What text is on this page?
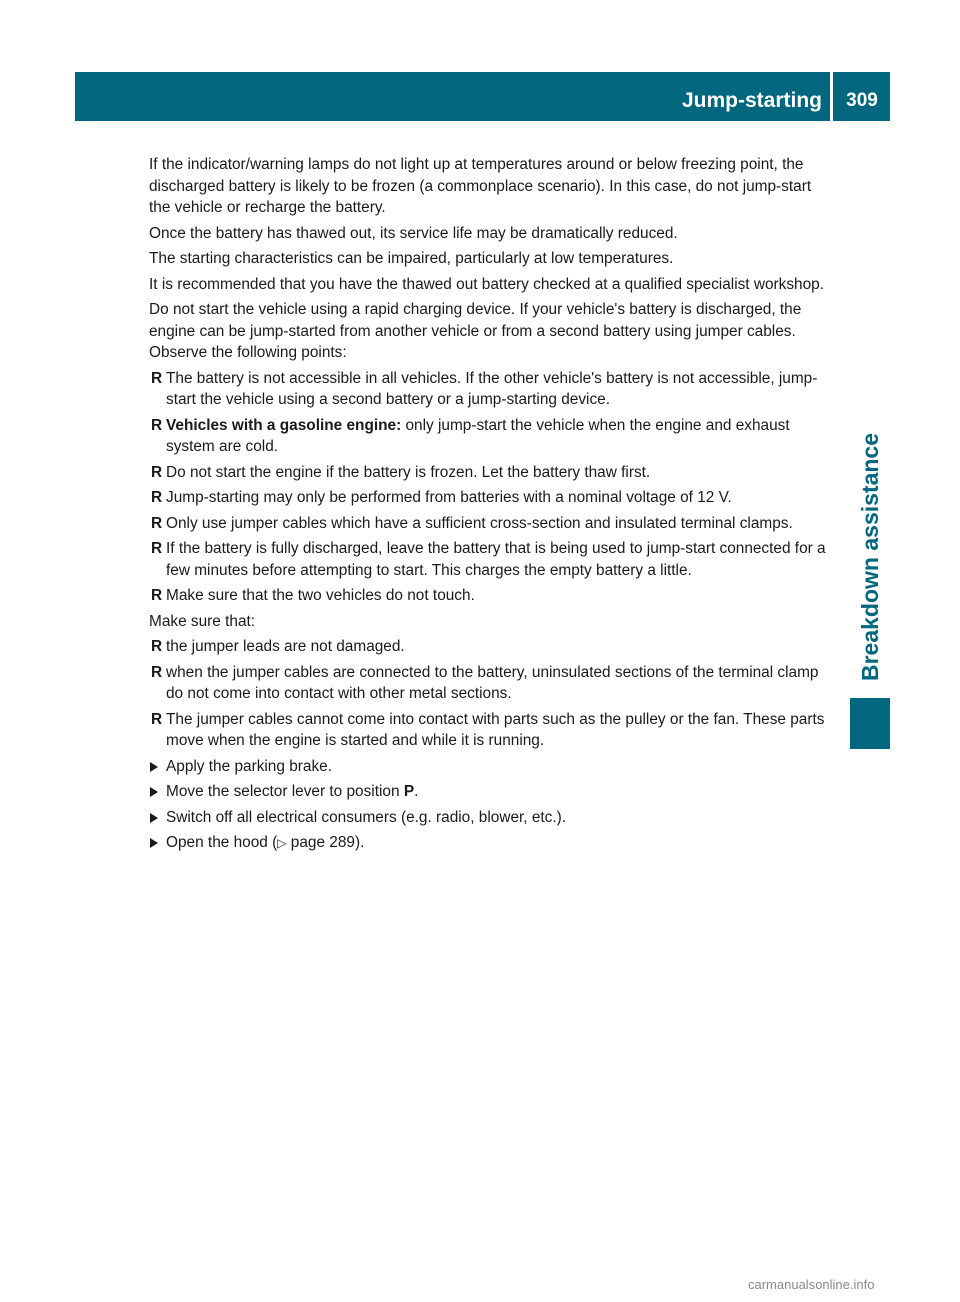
Jump-starting	309
Breakdown assistance

If the indicator/warning lamps do not light up at temperatures around or below freezing point, the discharged battery is likely to be frozen (a commonplace scenario). In this case, do not jump-start the vehicle or recharge the battery.

Once the battery has thawed out, its service life may be dramatically reduced.

The starting characteristics can be impaired, particularly at low temperatures.

It is recommended that you have the thawed out battery checked at a qualified specialist workshop.

Do not start the vehicle using a rapid charging device. If your vehicle's battery is discharged, the engine can be jump-started from another vehicle or from a second battery using jumper cables. Observe the following points:

R The battery is not accessible in all vehicles. If the other vehicle's battery is not accessible, jump-start the vehicle using a second battery or a jump-starting device.
R Vehicles with a gasoline engine: only jump-start the vehicle when the engine and exhaust system are cold.
R Do not start the engine if the battery is frozen. Let the battery thaw first.
R Jump-starting may only be performed from batteries with a nominal voltage of 12 V.
R Only use jumper cables which have a sufficient cross-section and insulated terminal clamps.
R If the battery is fully discharged, leave the battery that is being used to jump-start connected for a few minutes before attempting to start. This charges the empty battery a little.
R Make sure that the two vehicles do not touch.

Make sure that:

R the jumper leads are not damaged.
R when the jumper cables are connected to the battery, uninsulated sections of the terminal clamp do not come into contact with other metal sections.
R The jumper cables cannot come into contact with parts such as the pulley or the fan. These parts move when the engine is started and while it is running.
Apply the parking brake.
Move the selector lever to position P.
Switch off all electrical consumers (e.g. radio, blower, etc.).
Open the hood (▷ page 289).
carmanualsonline.info
